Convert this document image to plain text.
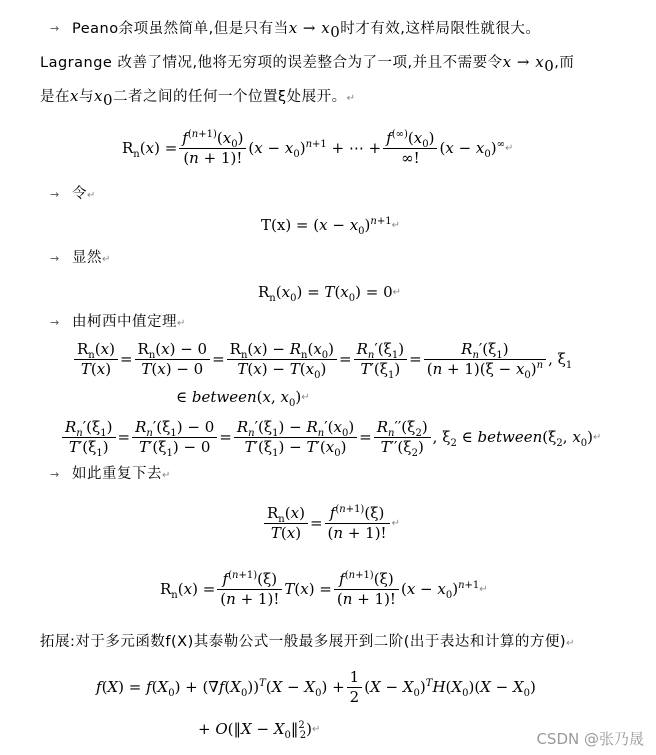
→ Peano余项虽然简单,但是只有当$x \to x_0$时才有效,这样局限性就很大。
Lagrange 改善了情况,他将无穷项的误差整合为了一项,并且不需要令$x \to x_0$,而
是在x与$x_0$二者之间的任何一个位置ξ处展开。↵
$R_n(x) = \frac{f^{(n+1)}(x_0)}{(n + 1)!} (x - x_0)^{n+1}$ + ⋯ + $\frac{f^{(\infty)}(x_0)}{\infty!} (x - x_0)^\infty$ ↵
→ 令↵
$T(x) = (x - x_0)^{n+1}$ ↵
→ 显然↵
$R_n(x_0) = T(x_0) = 0$ ↵
→ 由柯西中值定理↵
$\frac{R_n(x)}{T(x)} = \frac{R_n(x) - 0}{T(x) - 0} = \frac{R_n(x) - R_n(x_0)}{T(x) - T(x_0)} = \frac{R_n'(\xi_1)}{T'(\xi_1)} = \frac{R_n'(\xi_1)}{(n + 1)(\xi - x_0)^n}$ , $\xi_1$
∈ between(x, $x_0$) ↵
$\frac{R_n'(\xi_1)}{T'(\xi_1)} = \frac{R_n'(\xi_1) - 0}{T'(\xi_1) - 0} = \frac{R_n'(\xi_1) - R_n'(x_0)}{T'(\xi_1) - T'(x_0)} = \frac{R_n''(\xi_2)}{T''(\xi_2)}$ , $\xi_2$ ∈ $between(\xi_2$, $x_0$) ↵
→ 如此重复下去↵
$\frac{R_n(x)}{T(x)} = \frac{f^{(n+1)}(\xi)}{(n + 1)!}$ ↵
$R_n(x) = \frac{f^{(n+1)}(\xi)}{(n + 1)!} T(x) = \frac{f^{(n+1)}(\xi)}{(n + 1)!} (x - x_0)^{n+1}$ ↵
拓展:对于多元函数f(X)其泰勒公式一般最多展开到二阶(出于表达和计算的方便)↵
$f(X) = f(X_0) + (\nabla f(X_0))^T(X - X_0) + \frac{1}{2} (X - X_0)^TH(X_0)(X - X_0)$
+ O(‖X − $X_0‖^2_2$) ↵
CSDN @张乃晟
